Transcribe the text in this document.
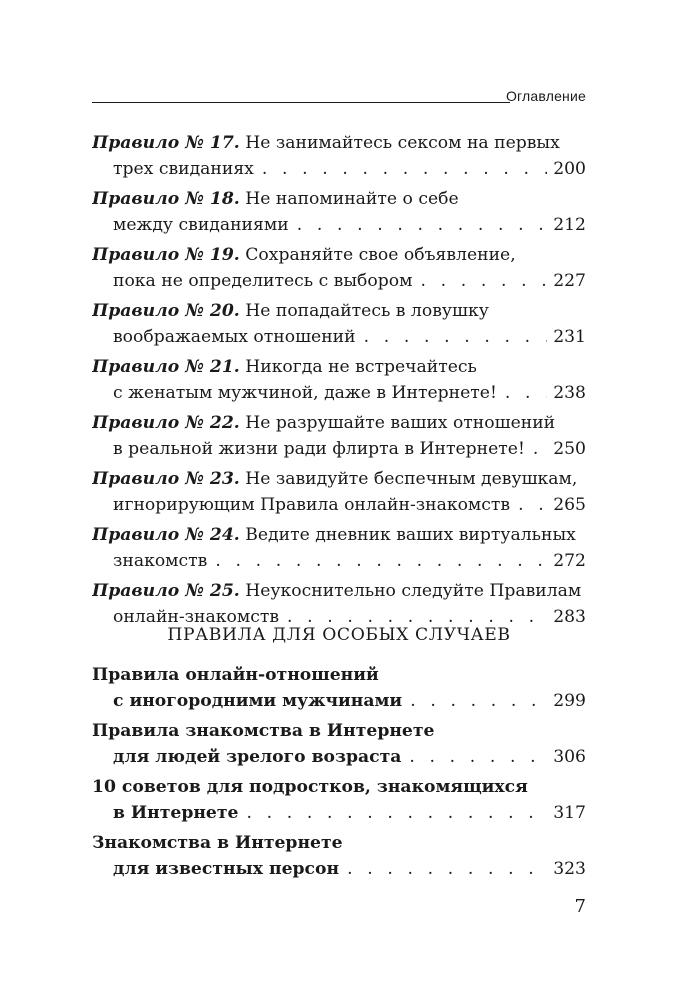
Оглавление
Правило № 17. Не занимайтесь сексом на первых
трех свиданиях . . .	200
Правило № 18. Не напоминайте о себе
между свиданиями . . .	212
Правило № 19. Сохраняйте свое объявление,
пока не определитесь с выбором . . .	227
Правило № 20. Не попадайтесь в ловушку
воображаемых отношений . . .	231
Правило № 21. Никогда не встречайтесь
с женатым мужчиной, даже в Интернете! . . .	238
Правило № 22. Не разрушайте ваших отношений
в реальной жизни ради флирта в Интернете! . . . 250
Правило № 23. Не завидуйте беспечным девушкам,
игнорирующим Правила онлайн-знакомств . . .	265
Правило № 24. Ведите дневник ваших виртуальных
знакомств . . .	272
Правило № 25. Неукоснительно следуйте Правилам
онлайн-знакомств . . .	283
ПРАВИЛА ДЛЯ ОСОБЫХ СЛУЧАЕВ
Правила онлайн-отношений
с иногородними мужчинами . . .	299
Правила знакомства в Интернете
для людей зрелого возраста . . .	306
10 советов для подростков, знакомящихся
в Интернете . . .	317
Знакомства в Интернете
для известных персон . . .	323
7
